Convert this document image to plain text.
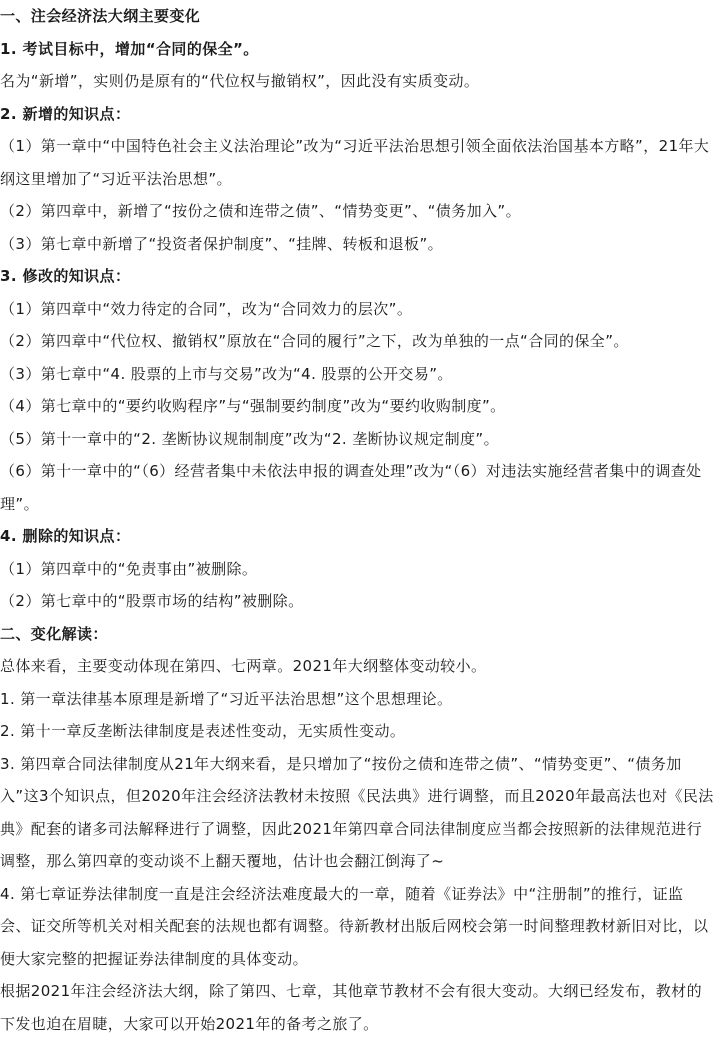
一、注会经济法大纲主要变化

1. 考试目标中，增加“合同的保全”。

名为“新增”，实则仍是原有的“代位权与撤销权”，因此没有实质变动。

2. 新增的知识点：

（1）第一章中“中国特色社会主义法治理论”改为“习近平法治思想引领全面依法治国基本方略”，21年大纲这里增加了“习近平法治思想”。

（2）第四章中，新增了“按份之债和连带之债”、“情势变更”、“债务加入”。

（3）第七章中新增了“投资者保护制度”、“挂牌、转板和退板”。

3. 修改的知识点：

（1）第四章中“效力待定的合同”，改为“合同效力的层次”。

（2）第四章中“代位权、撤销权”原放在“合同的履行”之下，改为单独的一点“合同的保全”。

（3）第七章中“4. 股票的上市与交易”改为“4. 股票的公开交易”。

（4）第七章中的“要约收购程序”与“强制要约制度”改为“要约收购制度”。

（5）第十一章中的“2. 垄断协议规制制度”改为“2. 垄断协议规定制度”。

（6）第十一章中的“（6）经营者集中未依法申报的调查处理”改为“（6）对违法实施经营者集中的调查处理”。

4. 删除的知识点：

（1）第四章中的“免责事由”被删除。

（2）第七章中的“股票市场的结构”被删除。

二、变化解读：

总体来看，主要变动体现在第四、七两章。2021年大纲整体变动较小。

1. 第一章法律基本原理是新增了“习近平法治思想”这个思想理论。

2. 第十一章反垄断法律制度是表述性变动，无实质性变动。

3. 第四章合同法律制度从21年大纲来看，是只增加了“按份之债和连带之债”、“情势变更”、“债务加入”这3个知识点，但2020年注会经济法教材未按照《民法典》进行调整，而且2020年最高法也对《民法典》配套的诸多司法解释进行了调整，因此2021年第四章合同法律制度应当都会按照新的法律规范进行调整，那么第四章的变动谈不上翻天覆地，估计也会翻江倒海了~

4. 第七章证券法律制度一直是注会经济法难度最大的一章，随着《证券法》中“注册制”的推行，证监会、证交所等机关对相关配套的法规也都有调整。待新教材出版后网校会第一时间整理教材新旧对比，以便大家完整的把握证券法律制度的具体变动。

根据2021年注会经济法大纲，除了第四、七章，其他章节教材不会有很大变动。大纲已经发布，教材的下发也迫在眉睫，大家可以开始2021年的备考之旅了。
